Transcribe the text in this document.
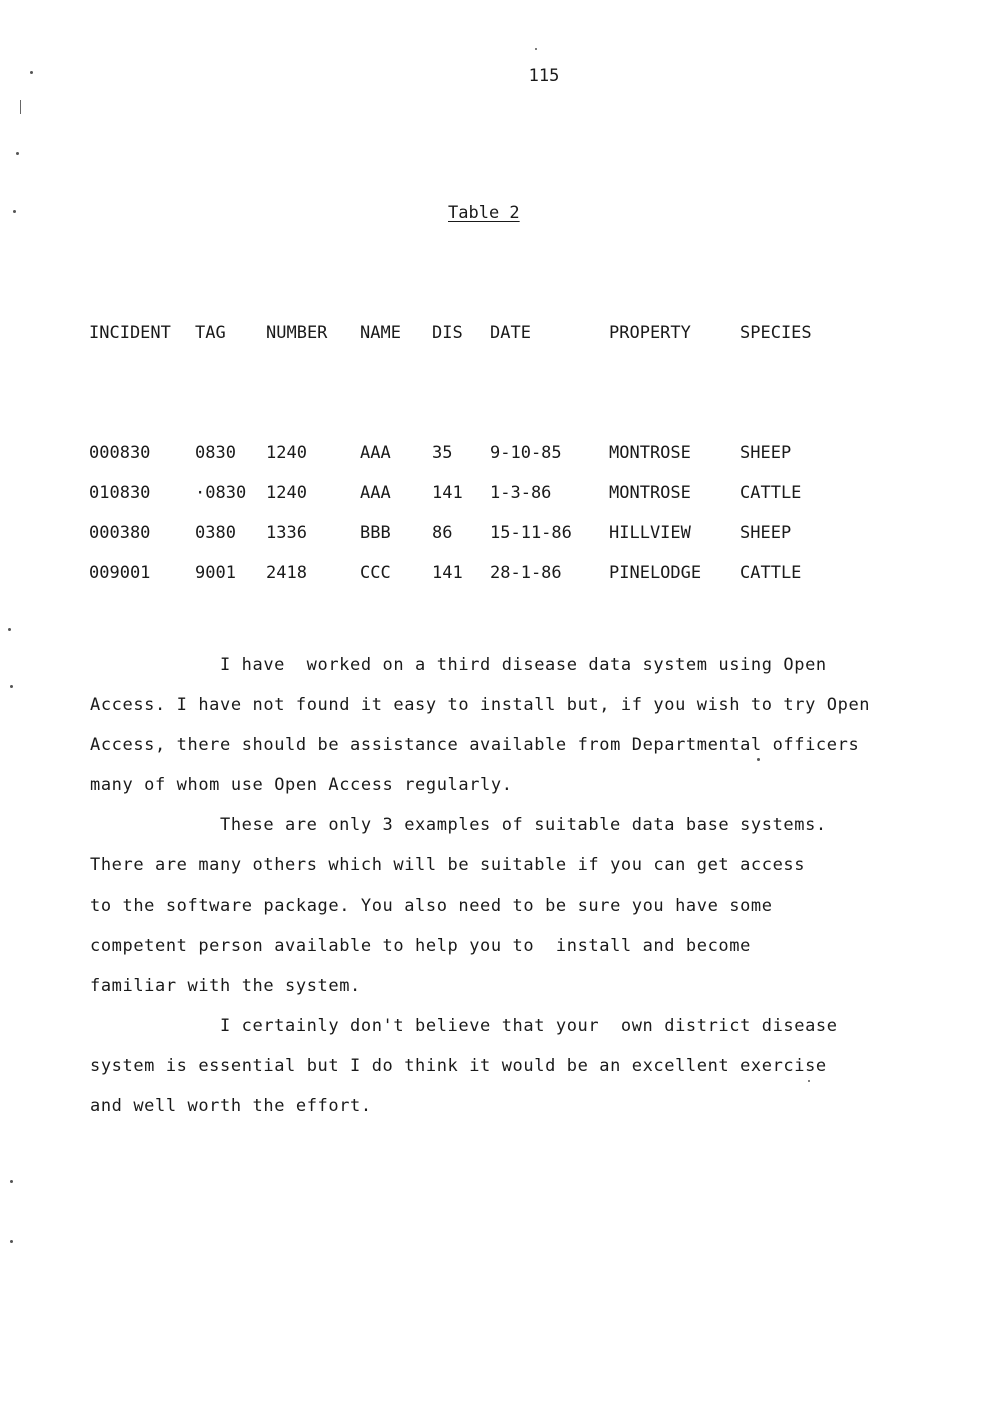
115
Table 2
INCIDENT	TAG	NUMBER	NAME	DIS	DATE	PROPERTY	SPECIES
000830	0830	1240	AAA	35	9-10-85	MONTROSE	SHEEP
010830	·0830	1240	AAA	141	1-3-86	MONTROSE	CATTLE
000380	0380	1336	BBB	86	15-11-86	HILLVIEW	SHEEP
009001	9001	2418	CCC	141	28-1-86	PINELODGE	CATTLE
I have  worked on a third disease data system using Open
Access. I have not found it easy to install but, if you wish to try Open
Access, there should be assistance available from Departmental officers
many of whom use Open Access regularly.
These are only 3 examples of suitable data base systems.
There are many others which will be suitable if you can get access
to the software package. You also need to be sure you have some
competent person available to help you to  install and become
familiar with the system.
I certainly don't believe that your  own district disease
system is essential but I do think it would be an excellent exercise
and well worth the effort.
